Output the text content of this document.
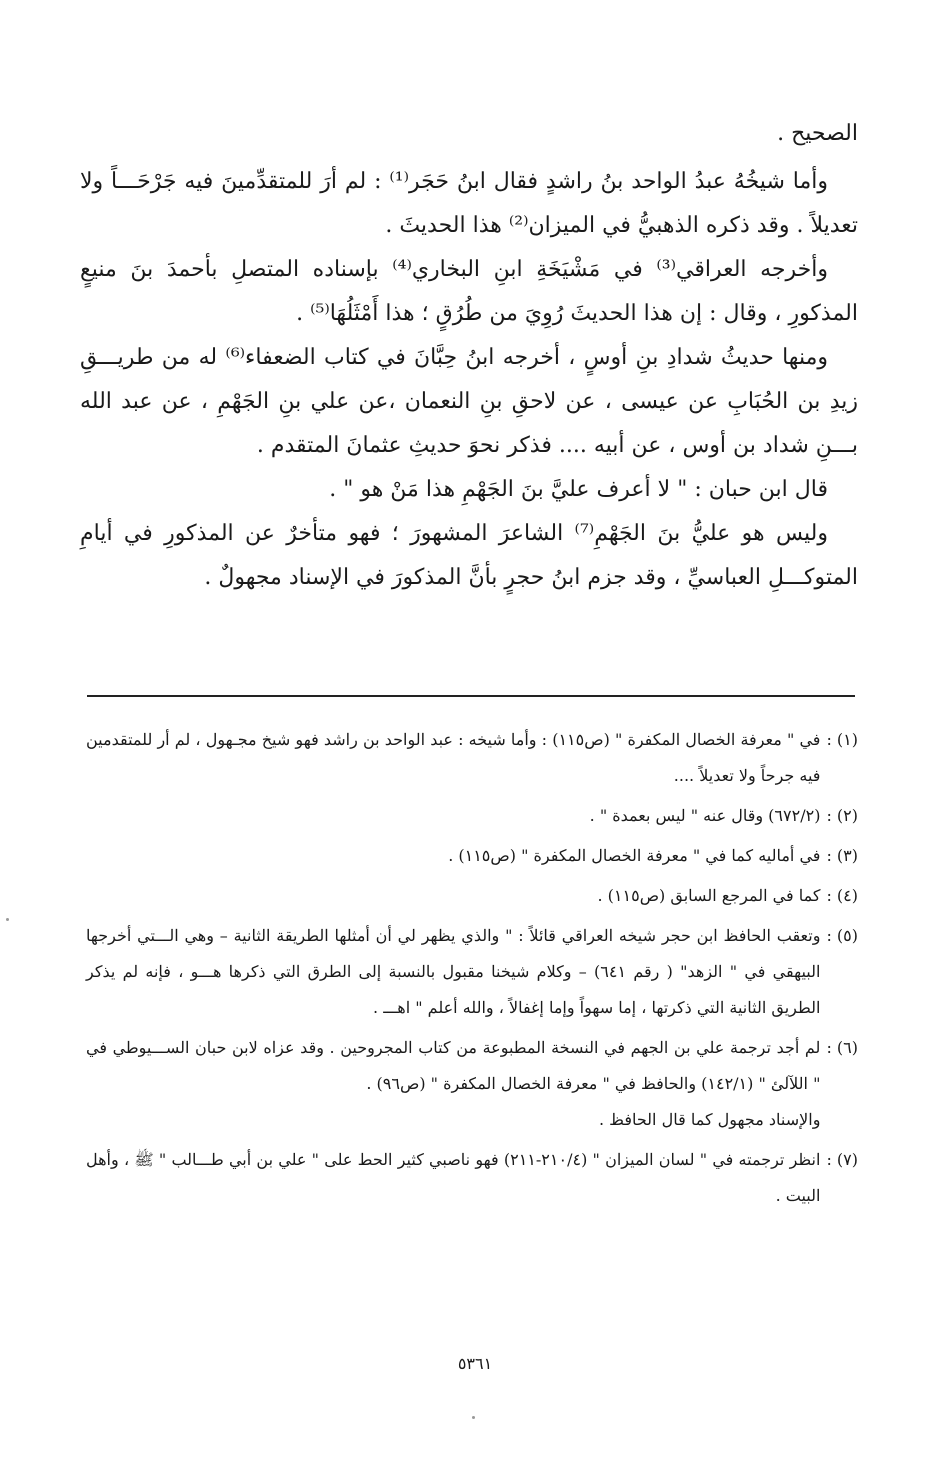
الصحيح .

وأما شيخُهُ عبدُ الواحد بنُ راشدٍ فقال ابنُ حَجَر⁽¹⁾ : لم أرَ للمتقدِّمينَ فيه جَرْحَـــاً ولا تعديلاً . وقد ذكره الذهبيُّ في الميزان⁽²⁾ هذا الحديثَ .

وأخرجه العراقي⁽³⁾ في مَشْيَخَةِ ابنِ البخاري⁽⁴⁾ بإسناده المتصلِ بأحمدَ بنَ منيعٍ المذكورِ ، وقال : إن هذا الحديثَ رُوِيَ من طُرُقٍ ؛ هذا أَمْثَلُهَا⁽⁵⁾ .

ومنها حديثُ شدادِ بنِ أوسٍ ، أخرجه ابنُ حِبَّانَ في كتاب الضعفاء⁽⁶⁾ له من طريـــقِ زيدِ بن الحُبَابِ عن عيسى ، عن لاحقِ بنِ النعمان ،عن علي بنِ الجَهْمِ ، عن عبد الله بـــنِ شداد بن أوس ، عن أبيه .... فذكر نحوَ حديثِ عثمانَ المتقدم .

قال ابن حبان : " لا أعرف عليَّ بنَ الجَهْمِ هذا مَنْ هو " .

وليس هو عليُّ بنَ الجَهْمِ⁽⁷⁾ الشاعرَ المشهورَ ؛ فهو متأخرٌ عن المذكورِ في أيامِ المتوكـــلِ العباسيِّ ، وقد جزم ابنُ حجرٍ بأنَّ المذكورَ في الإسناد مجهولٌ .

(١) :
في " معرفة الخصال المكفرة " (ص١١٥) : وأما شيخه : عبد الواحد بن راشد فهو شيخ مجـهول ، لم أر للمتقدمين فيه جرحاً ولا تعديلاً ....
(٢) :
(٦٧٢/٢) وقال عنه " ليس بعمدة " .
(٣) :
في أماليه كما في " معرفة الخصال المكفرة " (ص١١٥) .
(٤) :
كما في المرجع السابق (ص١١٥) .
(٥) :
وتعقب الحافظ ابن حجر شيخه العراقي قائلاً : " والذي يظهر لي أن أمثلها الطريقة الثانية – وهي الـــتي أخرجها البيهقي في " الزهد" ( رقم ٦٤١) – وكلام شيخنا مقبول بالنسبة إلى الطرق التي ذكرها هـــو ، فإنه لم يذكر الطريق الثانية التي ذكرتها ، إما سهواً وإما إغفالاً ، والله أعلم " اهـــ .
(٦) :
لم أجد ترجمة علي بن الجهم في النسخة المطبوعة من كتاب المجروحين . وقد عزاه لابن حبان الســـيوطي في " اللآلئ " (١٤٢/١) والحافظ في " معرفة الخصال المكفرة " (ص٩٦) .
والإسناد مجهول كما قال الحافظ .
(٧) :
انظر ترجمته في " لسان الميزان " (٢١٠/٤-٢١١) فهو ناصبي كثير الحط على " علي بن أبي طـــالب " ﷺ ، وأهل البيت .
٥٣٦١
